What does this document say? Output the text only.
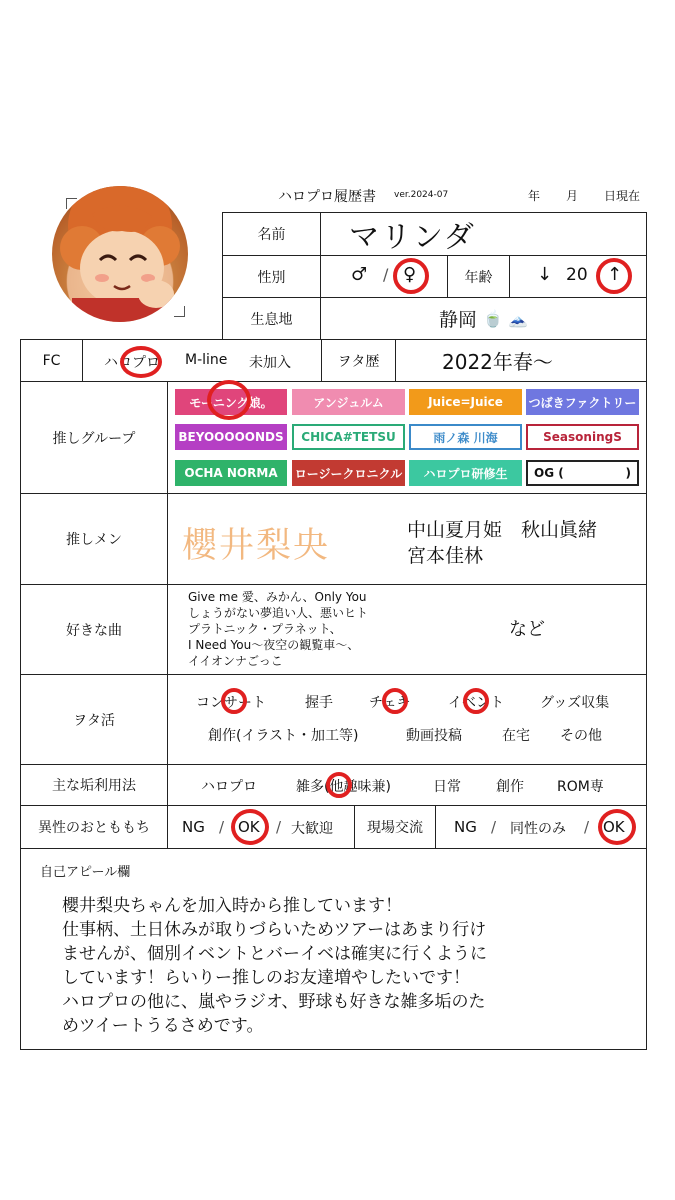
ハロプロ履歴書 ver.2024-07	年 月 日現在
名前 マリンダ
性別	♂ / ♀	年齢 ↓ 20 ↑
生息地	静岡 🍵 🗻
FC	ハロプロ M-line 未加入	ヲタ歴	2022年春〜
推しグループ
モーニング娘。	アンジュルム	Juice=Juice つばきファクトリー
BEYOOOOONDS CHICA#TETSU	雨ノ森 川海	SeasoningS
OCHA NORMA ロージークロニクル ハロプロ研修生 OG (	)
推しメン 櫻井梨央	中山夏月姫　秋山眞緒
宮本佳林
好きな曲
Give me 愛、みかん、Only You
しょうがない夢追い人、悪いヒト
プラトニック・プラネット、
I Need You〜夜空の観覧車〜、
イイオンナごっこ
など
ヲタ活
コンサート	握手	チェキ	イベント	グッズ収集
創作(イラスト・加工等)	動画投稿	在宅 その他
主な垢利用法	ハロプロ	雑多(他趣味兼)	日常	創作 ROM専
異性のおともも​ち NG / OK / 大歓迎 現場交流 NG / 同性のみ / OK
自己アピール欄
櫻井梨央ちゃんを加入時から推しています！
仕事柄、土日休みが取りづらいためツアーはあまり行け
ませんが、個別イベントとバーイベは確実に行くように
しています！らいりー推しのお友達増やしたいです！
ハロプロの他に、嵐やラジオ、野球も好きな雑多垢のた
めツイートうるさめです。
